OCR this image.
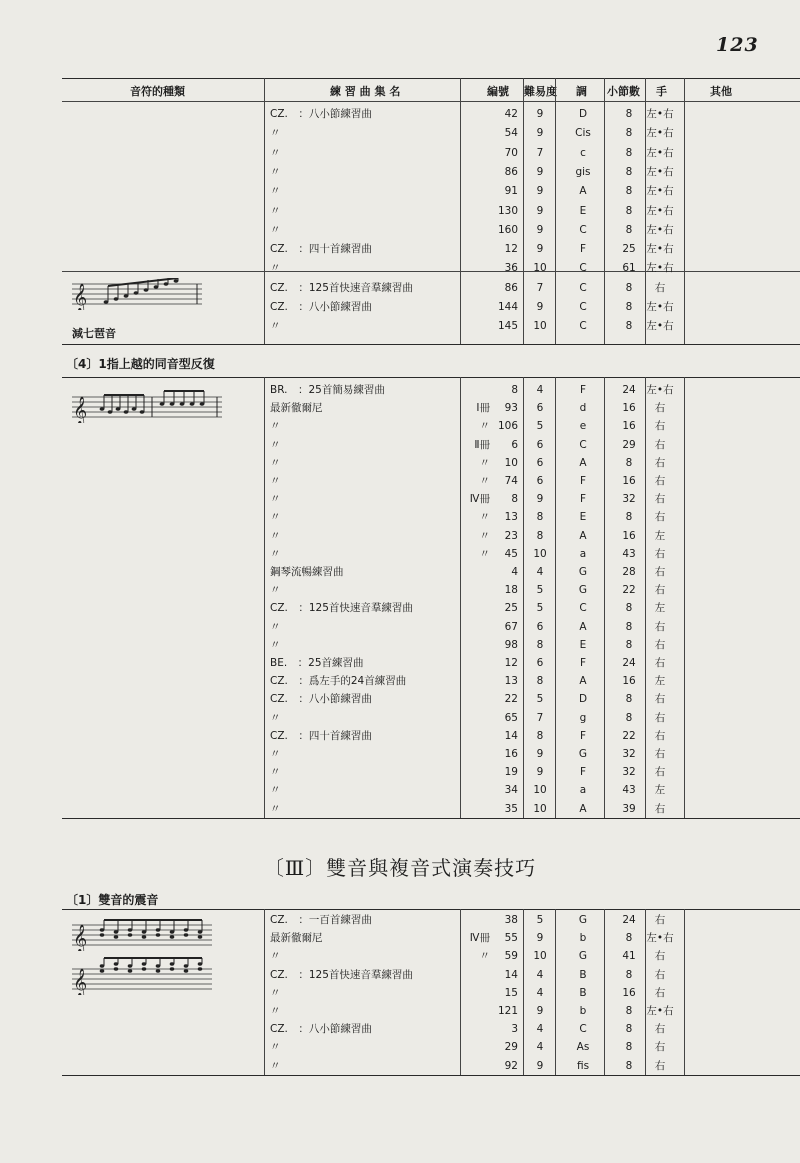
123
音符的種類	練 習 曲 集 名	編號 難易度 調 小節數 手	其他
CZ.　：八小節練習曲	42	9	D	8	左•右
〃	54	9	Cis	8	左•右
〃	70	7	c	8	左•右
〃	86	9	gis	8	左•右
〃	91	9	A	8	左•右
〃	130	9	E	8	左•右
〃	160	9	C	8	左•右
CZ.　：四十首練習曲	12	9	F	25	左•右
〃	36	10	C	61	左•右
CZ.　：125首快速音羣練習曲	86	7	C	8	右
CZ.　：八小節練習曲	144	9	C	8	左•右
〃	145	10	C	8	左•右
𝄞
減七琶音
〔4〕1指上越的同音型反復
BR.　：25首簡易練習曲	8	4	F	24	左•右
最新徹爾尼	Ⅰ冊	93	6	d	16	右
〃	〃 106	5	e	16	右
〃	Ⅱ冊	6	6	C	29	右
〃	〃	10	6	A	8	右
〃	〃	74	6	F	16	右
〃	Ⅳ冊	8	9	F	32	右
〃	〃	13	8	E	8	右
〃	〃	23	8	A	16	左
〃	〃	45	10	a	43	右
鋼琴流暢練習曲	4	4	G	28	右
〃	18	5	G	22	右
CZ.　：125首快速音羣練習曲	25	5	C	8	左
〃	67	6	A	8	右
〃	98	8	E	8	右
BE.　：25首練習曲	12	6	F	24	右
CZ.　：爲左手的24首練習曲	13	8	A	16	左
CZ.　：八小節練習曲	22	5	D	8	右
〃	65	7	g	8	右
CZ.　：四十首練習曲	14	8	F	22	右
〃	16	9	G	32	右
〃	19	9	F	32	右
〃	34	10	a	43	左
〃	35	10	A	39	右
𝄞
〔Ⅲ〕雙音與複音式演奏技巧
〔1〕雙音的震音
CZ.　：一百首練習曲	38	5	G	24	右
最新徹爾尼	Ⅳ冊	55	9	b	8	左•右
〃	〃	59	10	G	41	右
CZ.　：125首快速音羣練習曲	14	4	B	8	右
〃	15	4	B	16	右
〃	121	9	b	8	左•右
CZ.　：八小節練習曲	3	4	C	8	右
〃	29	4	As	8	右
〃	92	9	fis	8	右
𝄞
𝄞
